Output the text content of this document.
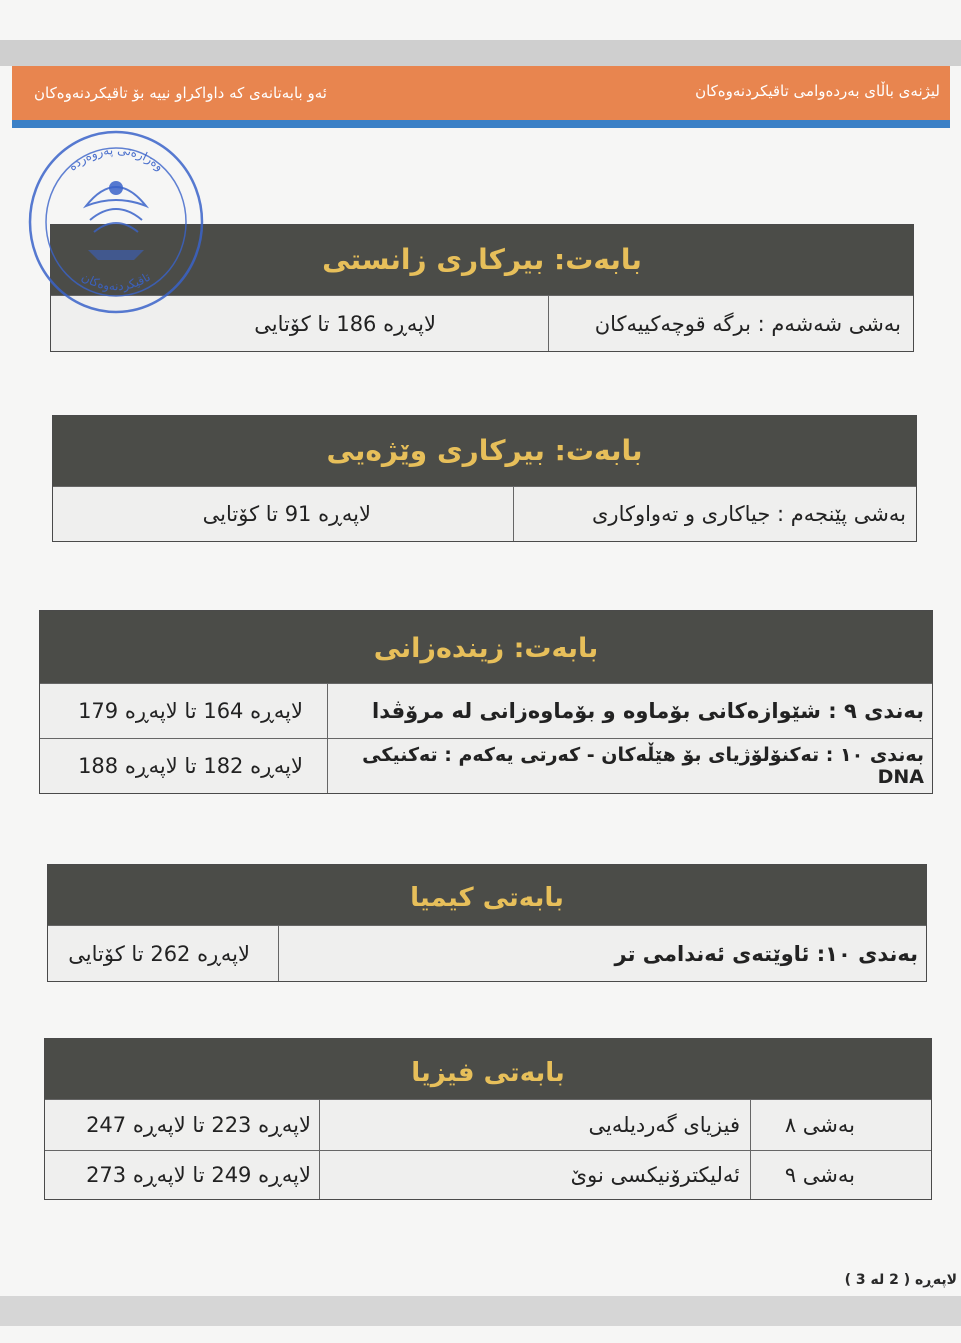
لیژنەی باڵای بەردەوامی تاقیکردنەوەکان
ئەو بابەتانەی کە داواکراو نییە بۆ تاقیکردنەوەکان
وەزارەتی پەروەردە
تاقیکردنەوەکان
بابەت: بیرکاری زانستی
بەشی شەشەم : برگە قوچەکییەکان
لاپەڕە 186 تا کۆتایی
بابەت: بیرکاری وێژەیی
بەشی پێنجەم : جیاکاری و تەواوکاری
لاپەڕە 91 تا کۆتایی
بابەت: زیندەزانی
بەندی ٩ : شێوازەکانی بۆماوە و بۆماوەزانی لە مرۆڤدا
لاپەڕە 164 تا لاپەڕە 179
بەندی ١٠ : تەکنۆلۆژیای بۆ هێڵەکان - کەرتی یەکەم : تەکنیکی DNA
لاپەڕە 182 تا لاپەڕە 188
بابەتی کیمیا
بەندی ١٠: ئاوێتەی ئەندامی تر
لاپەڕە 262 تا کۆتایی
بابەتی فیزیا
بەشی ٨
فیزیای گەردیلەیی
لاپەڕە 223 تا لاپەڕە 247
بەشی ٩
ئەلیکترۆنیکسی نوێ
لاپەڕە 249 تا لاپەڕە 273
لاپەڕە ( 2 لە 3 )
